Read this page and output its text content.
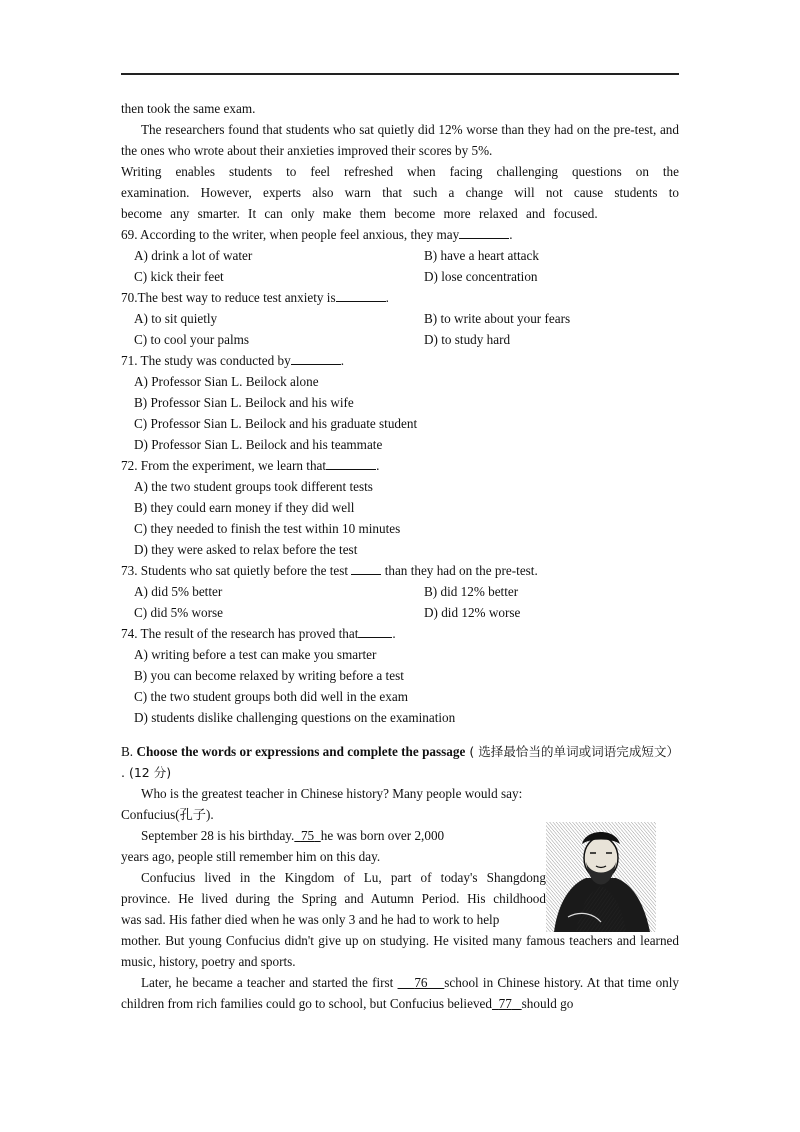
then took the same exam.

The researchers found that students who sat quietly did 12% worse than they had on the pre-test, and the ones who wrote about their anxieties improved their scores by 5%.

Writing enables students to feel refreshed when facing challenging questions on the examination. However, experts also warn that such a change will not cause students to become any smarter. It can only make them become more relaxed and focused.

69. According to the writer, when people feel anxious, they may	.

A) drink a lot of water	B) have a heart attack

C) kick their feet	D) lose concentration

70.The best way to reduce test anxiety is	.

A) to sit quietly	B) to write about your fears

C) to cool your palms	D) to study hard

71. The study was conducted by	.

A) Professor Sian L. Beilock alone

B) Professor Sian L. Beilock and his wife

C) Professor Sian L. Beilock and his graduate student

D) Professor Sian L. Beilock and his teammate

72. From the experiment, we learn that	.

A) the two student groups took different tests

B) they could earn money if they did well

C) they needed to finish the test within 10 minutes

D) they were asked to relax before the test

73. Students who sat quietly before the test	than they had on the pre-test.

A) did 5% better	B) did 12% better

C) did 5% worse	D) did 12% worse

74. The result of the research has proved that	.

A) writing before a test can make you smarter

B) you can become relaxed by writing before a test

C) the two student groups both did well in the exam

D) students dislike challenging questions on the examination

B. Choose the words or expressions and complete the passage ( 选择最恰当的单词或词语完成短文） . (12 分)

Who is the greatest teacher in Chinese history? Many people would say:

Confucius(孔子).

September 28 is his birthday. 75 he was born over 2,000

years ago, people still remember him on this day.

Confucius lived in the Kingdom of Lu, part of today's Shangdong

province. He lived during the Spring and Autumn Period. His childhood

was sad. His father died when he was only 3 and he had to work to help

mother. But young Confucius didn't give up on studying. He visited many famous teachers and learned music, history, poetry and sports.

Later, he became a teacher and started the first 76 school in Chinese history. At that time only children from rich families could go to school, but Confucius believed 77 should go
